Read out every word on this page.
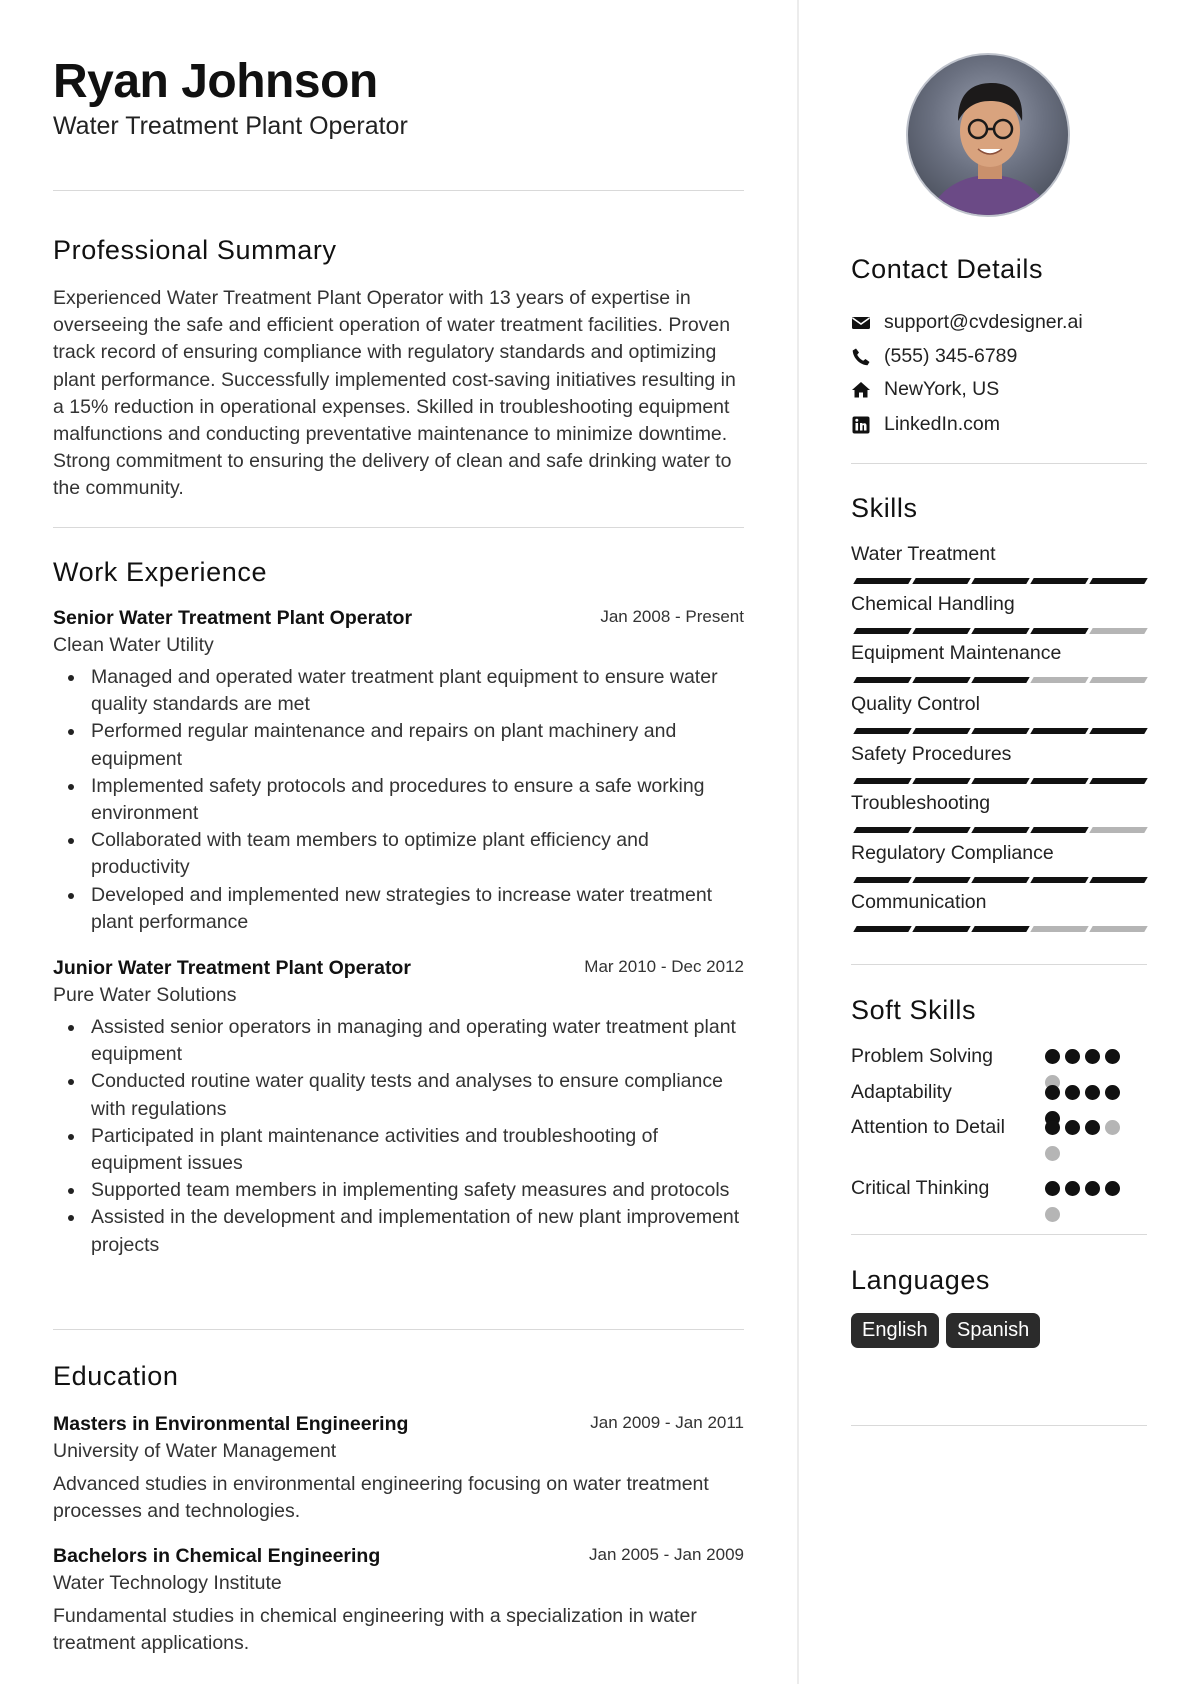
Ryan Johnson
Water Treatment Plant Operator
Professional Summary
Experienced Water Treatment Plant Operator with 13 years of expertise in overseeing the safe and efficient operation of water treatment facilities. Proven track record of ensuring compliance with regulatory standards and optimizing plant performance. Successfully implemented cost-saving initiatives resulting in a 15% reduction in operational expenses. Skilled in troubleshooting equipment malfunctions and conducting preventative maintenance to minimize downtime. Strong commitment to ensuring the delivery of clean and safe drinking water to the community.
Work Experience
Senior Water Treatment Plant Operator	Jan 2008 - Present
Clean Water Utility
Managed and operated water treatment plant equipment to ensure water quality standards are met
Performed regular maintenance and repairs on plant machinery and equipment
Implemented safety protocols and procedures to ensure a safe working environment
Collaborated with team members to optimize plant efficiency and productivity
Developed and implemented new strategies to increase water treatment plant performance
Junior Water Treatment Plant Operator	Mar 2010 - Dec 2012
Pure Water Solutions
Assisted senior operators in managing and operating water treatment plant equipment
Conducted routine water quality tests and analyses to ensure compliance with regulations
Participated in plant maintenance activities and troubleshooting of equipment issues
Supported team members in implementing safety measures and protocols
Assisted in the development and implementation of new plant improvement projects
Education
Masters in Environmental Engineering	Jan 2009 - Jan 2011
University of Water Management
Advanced studies in environmental engineering focusing on water treatment processes and technologies.
Bachelors in Chemical Engineering	Jan 2005 - Jan 2009
Water Technology Institute
Fundamental studies in chemical engineering with a specialization in water treatment applications.
Contact Details
support@cvdesigner.ai
(555) 345-6789
NewYork, US
LinkedIn.com
Skills
Water Treatment
Chemical Handling
Equipment Maintenance
Quality Control
Safety Procedures
Troubleshooting
Regulatory Compliance
Communication
Soft Skills
Problem Solving
Adaptability
Attention to Detail
Critical Thinking
Languages
English	Spanish
